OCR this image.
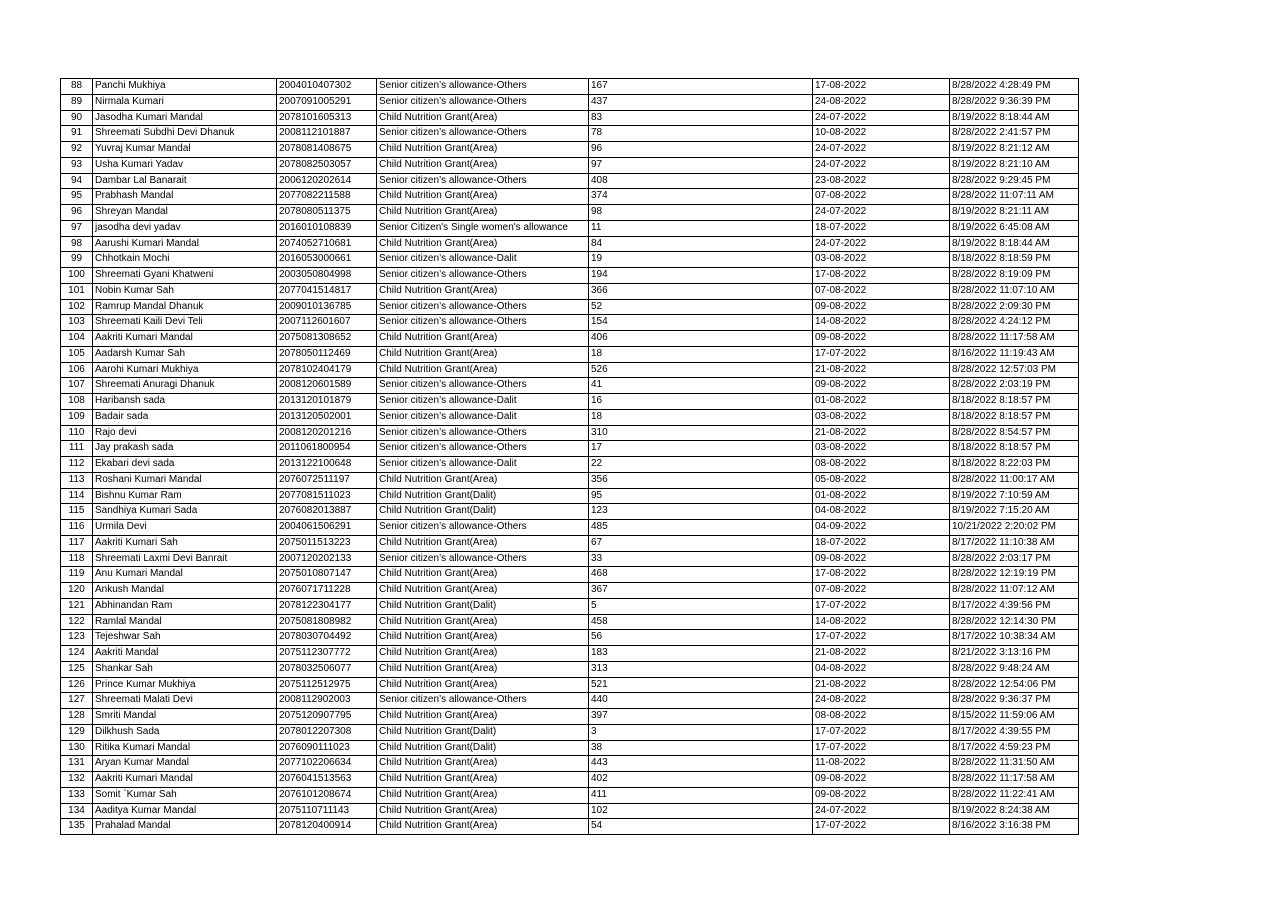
88	Panchi Mukhiya	2004010407302	Senior citizen’s allowance-Others	167	17-08-2022	8/28/2022 4:28:49 PM
89	Nirmala Kumari	2007091005291	Senior citizen’s allowance-Others	437	24-08-2022	8/28/2022 9:36:39 PM
90	Jasodha Kumari Mandal	2078101605313	Child Nutrition Grant(Area)	83	24-07-2022	8/19/2022 8:18:44 AM
91	Shreemati Subdhi Devi Dhanuk	2008112101887	Senior citizen’s allowance-Others	78	10-08-2022	8/28/2022 2:41:57 PM
92	Yuvraj Kumar Mandal	2078081408675	Child Nutrition Grant(Area)	96	24-07-2022	8/19/2022 8:21:12 AM
93	Usha Kumari Yadav	2078082503057	Child Nutrition Grant(Area)	97	24-07-2022	8/19/2022 8:21:10 AM
94	Dambar Lal Banarait	2006120202614	Senior citizen’s allowance-Others	408	23-08-2022	8/28/2022 9:29:45 PM
95	Prabhash Mandal	2077082211588	Child Nutrition Grant(Area)	374	07-08-2022	8/28/2022 11:07:11 AM
96	Shreyan Mandal	2078080511375	Child Nutrition Grant(Area)	98	24-07-2022	8/19/2022 8:21:11 AM
97	jasodha devi yadav	2016010108839	Senior Citizen's Single women's allowance	11	18-07-2022	8/19/2022 6:45:08 AM
98	Aarushi Kumari Mandal	2074052710681	Child Nutrition Grant(Area)	84	24-07-2022	8/19/2022 8:18:44 AM
99	Chhotkain Mochi	2016053000661	Senior citizen’s allowance-Dalit	19	03-08-2022	8/18/2022 8:18:59 PM
100	Shreemati Gyani Khatweni	2003050804998	Senior citizen’s allowance-Others	194	17-08-2022	8/28/2022 8:19:09 PM
101	Nobin Kumar Sah	2077041514817	Child Nutrition Grant(Area)	366	07-08-2022	8/28/2022 11:07:10 AM
102	Ramrup Mandal Dhanuk	2009010136785	Senior citizen’s allowance-Others	52	09-08-2022	8/28/2022 2:09:30 PM
103	Shreemati Kaili Devi Teli	2007112601607	Senior citizen’s allowance-Others	154	14-08-2022	8/28/2022 4:24:12 PM
104	Aakriti Kumari Mandal	2075081308652	Child Nutrition Grant(Area)	406	09-08-2022	8/28/2022 11:17:58 AM
105	Aadarsh Kumar Sah	2078050112469	Child Nutrition Grant(Area)	18	17-07-2022	8/16/2022 11:19:43 AM
106	Aarohi Kumari Mukhiya	2078102404179	Child Nutrition Grant(Area)	526	21-08-2022	8/28/2022 12:57:03 PM
107	Shreemati Anuragi Dhanuk	2008120601589	Senior citizen’s allowance-Others	41	09-08-2022	8/28/2022 2:03:19 PM
108	Haribansh sada	2013120101879	Senior citizen’s allowance-Dalit	16	01-08-2022	8/18/2022 8:18:57 PM
109	Badair sada	2013120502001	Senior citizen’s allowance-Dalit	18	03-08-2022	8/18/2022 8:18:57 PM
110	Rajo devi	2008120201216	Senior citizen’s allowance-Others	310	21-08-2022	8/28/2022 8:54:57 PM
111	Jay prakash sada	2011061800954	Senior citizen’s allowance-Others	17	03-08-2022	8/18/2022 8:18:57 PM
112	Ekabari devi sada	2013122100648	Senior citizen’s allowance-Dalit	22	08-08-2022	8/18/2022 8:22:03 PM
113	Roshani Kumari Mandal	2076072511197	Child Nutrition Grant(Area)	356	05-08-2022	8/28/2022 11:00:17 AM
114	Bishnu Kumar Ram	2077081511023	Child Nutrition Grant(Dalit)	95	01-08-2022	8/19/2022 7:10:59 AM
115	Sandhiya Kumari Sada	2076082013887	Child Nutrition Grant(Dalit)	123	04-08-2022	8/19/2022 7:15:20 AM
116	Urmila Devi	2004061506291	Senior citizen’s allowance-Others	485	04-09-2022	10/21/2022 2:20:02 PM
117	Aakriti Kumari Sah	2075011513223	Child Nutrition Grant(Area)	67	18-07-2022	8/17/2022 11:10:38 AM
118	Shreemati Laxmi Devi Banrait	2007120202133	Senior citizen’s allowance-Others	33	09-08-2022	8/28/2022 2:03:17 PM
119	Anu Kumari Mandal	2075010807147	Child Nutrition Grant(Area)	468	17-08-2022	8/28/2022 12:19:19 PM
120	Ankush Mandal	2076071711228	Child Nutrition Grant(Area)	367	07-08-2022	8/28/2022 11:07:12 AM
121	Abhinandan Ram	2078122304177	Child Nutrition Grant(Dalit)	5	17-07-2022	8/17/2022 4:39:56 PM
122	Ramlal Mandal	2075081808982	Child Nutrition Grant(Area)	458	14-08-2022	8/28/2022 12:14:30 PM
123	Tejeshwar Sah	2078030704492	Child Nutrition Grant(Area)	56	17-07-2022	8/17/2022 10:38:34 AM
124	Aakriti Mandal	2075112307772	Child Nutrition Grant(Area)	183	21-08-2022	8/21/2022 3:13:16 PM
125	Shankar Sah	2078032506077	Child Nutrition Grant(Area)	313	04-08-2022	8/28/2022 9:48:24 AM
126	Prince Kumar Mukhiya	2075112512975	Child Nutrition Grant(Area)	521	21-08-2022	8/28/2022 12:54:06 PM
127	Shreemati Malati Devi	2008112902003	Senior citizen’s allowance-Others	440	24-08-2022	8/28/2022 9:36:37 PM
128	Smriti Mandal	2075120907795	Child Nutrition Grant(Area)	397	08-08-2022	8/15/2022 11:59:06 AM
129	Dilkhush Sada	2078012207308	Child Nutrition Grant(Dalit)	3	17-07-2022	8/17/2022 4:39:55 PM
130	Ritika Kumari Mandal	2076090111023	Child Nutrition Grant(Dalit)	38	17-07-2022	8/17/2022 4:59:23 PM
131	Aryan Kumar Mandal	2077102206634	Child Nutrition Grant(Area)	443	11-08-2022	8/28/2022 11:31:50 AM
132	Aakriti Kumari Mandal	2076041513563	Child Nutrition Grant(Area)	402	09-08-2022	8/28/2022 11:17:58 AM
133	Somit `Kumar Sah	2076101208674	Child Nutrition Grant(Area)	411	09-08-2022	8/28/2022 11:22:41 AM
134	Aaditya Kumar Mandal	2075110711143	Child Nutrition Grant(Area)	102	24-07-2022	8/19/2022 8:24:38 AM
135	Prahalad Mandal	2078120400914	Child Nutrition Grant(Area)	54	17-07-2022	8/16/2022 3:16:38 PM
